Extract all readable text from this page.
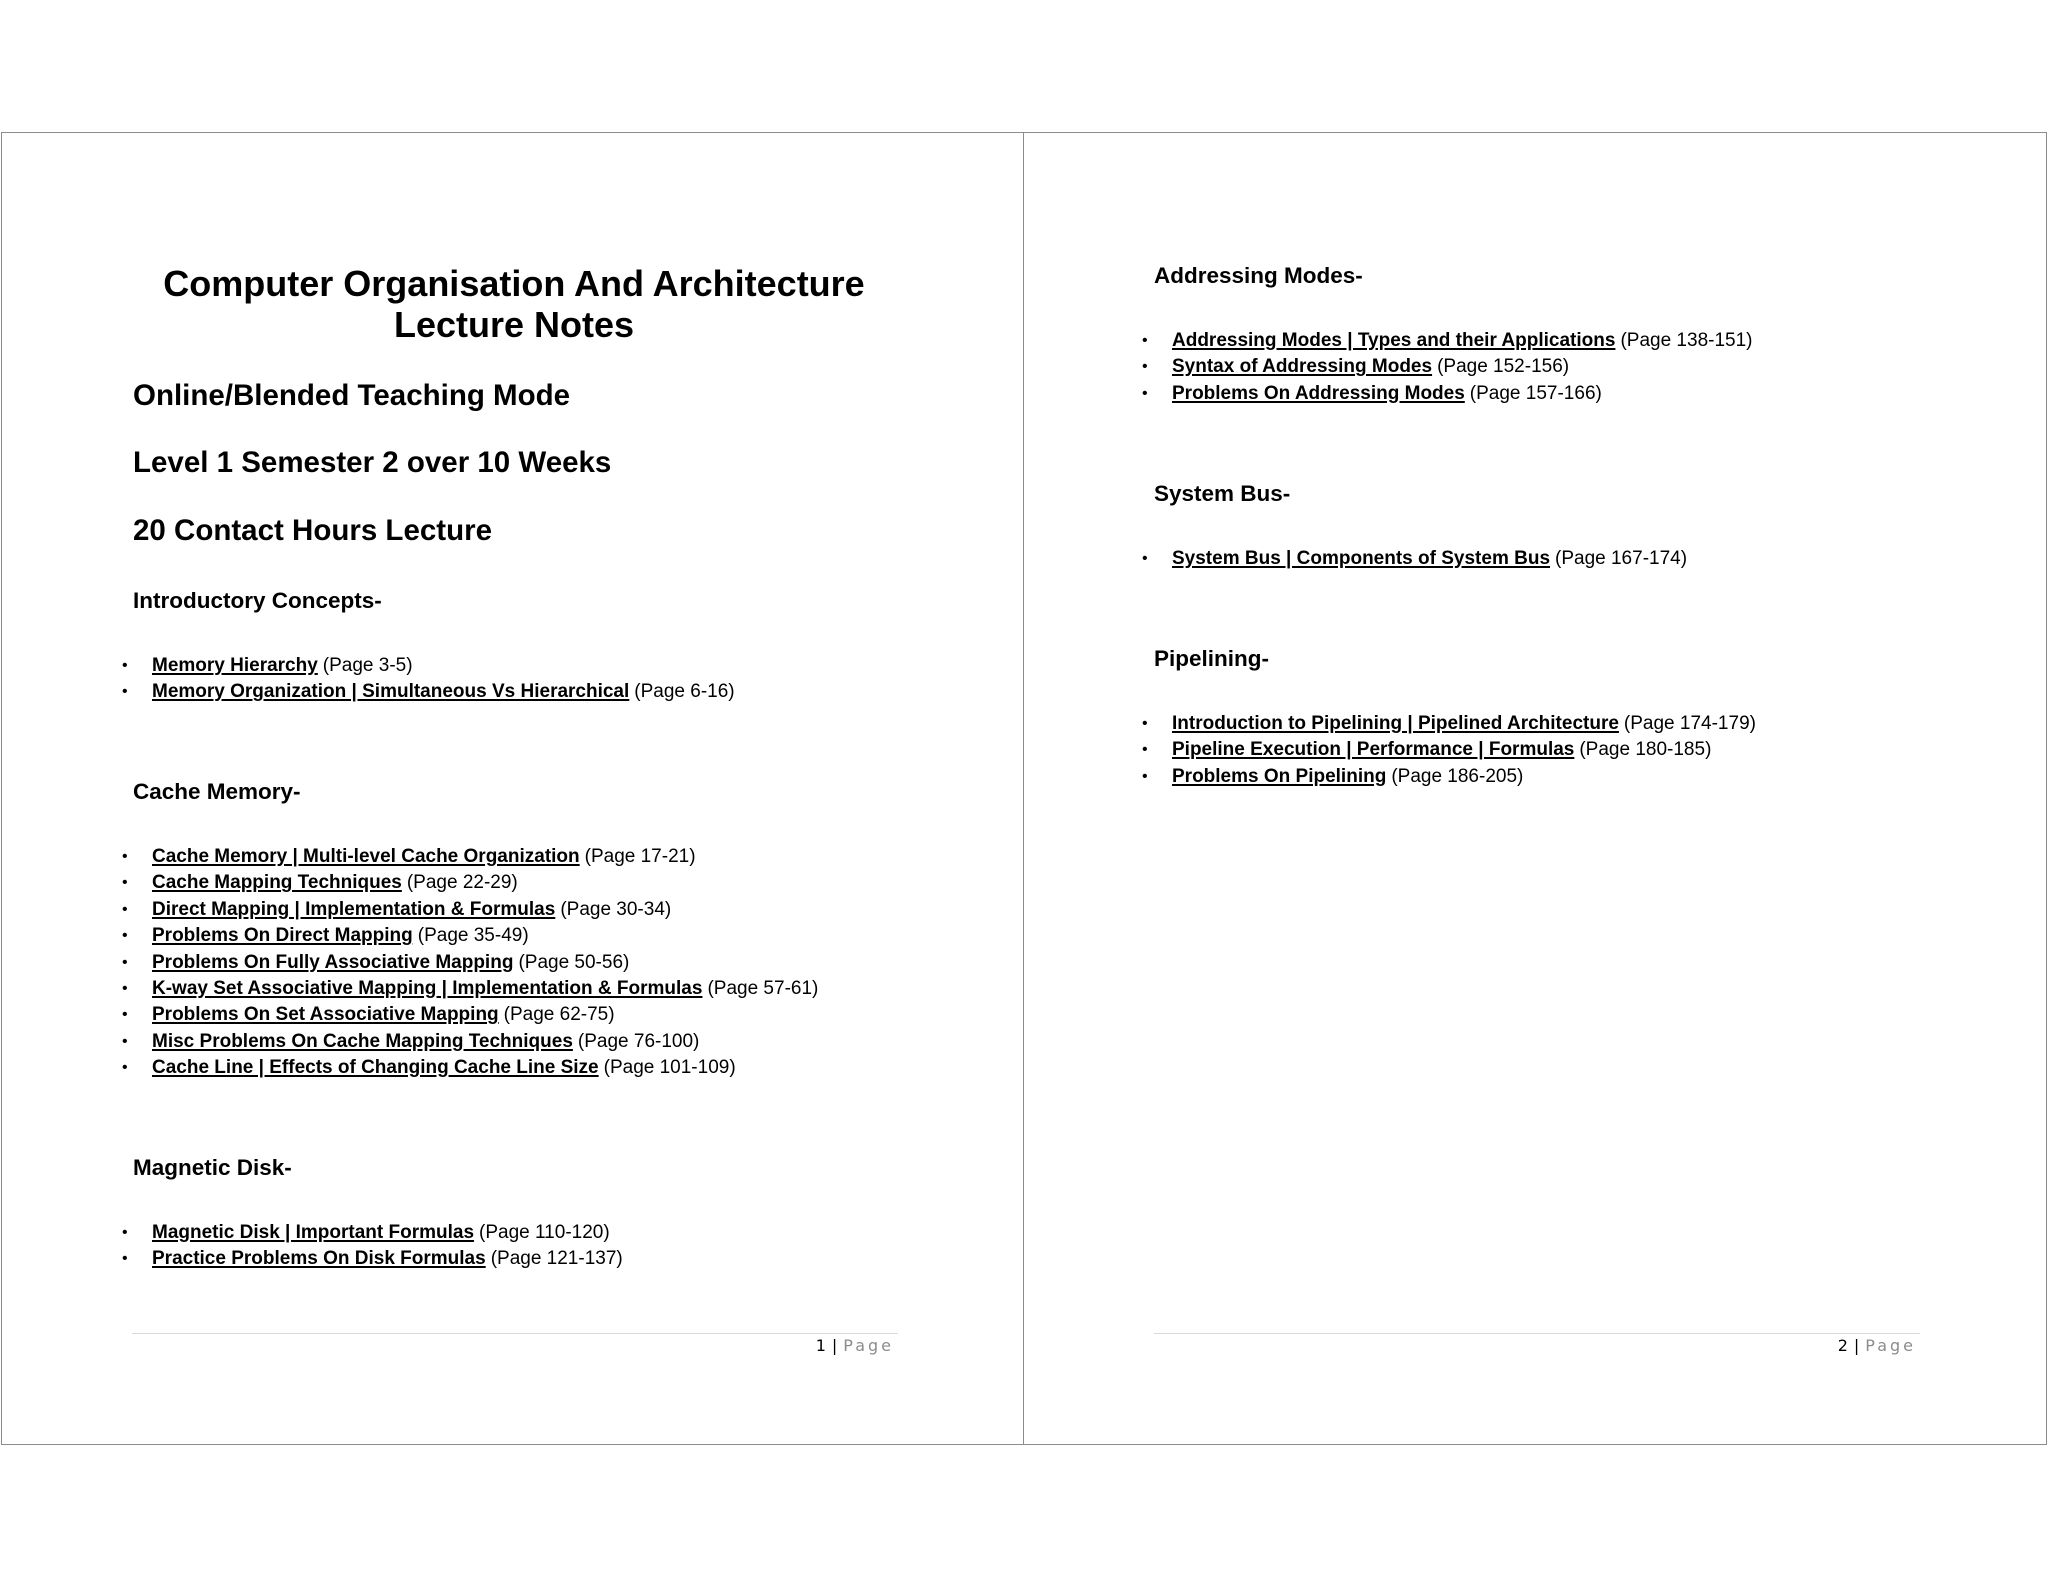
Computer Organisation And Architecture
Lecture Notes
Online/Blended Teaching Mode
Level 1 Semester 2 over 10 Weeks
20 Contact Hours Lecture
Introductory Concepts-
• Memory Hierarchy (Page 3-5)
• Memory Organization | Simultaneous Vs Hierarchical (Page 6-16)
Cache Memory-
• Cache Memory | Multi-level Cache Organization (Page 17-21)
• Cache Mapping Techniques (Page 22-29)
• Direct Mapping | Implementation & Formulas (Page 30-34)
• Problems On Direct Mapping (Page 35-49)
• Problems On Fully Associative Mapping (Page 50-56)
• K-way Set Associative Mapping | Implementation & Formulas (Page 57-61)
• Problems On Set Associative Mapping (Page 62-75)
• Misc Problems On Cache Mapping Techniques (Page 76-100)
• Cache Line | Effects of Changing Cache Line Size (Page 101-109)
Magnetic Disk-
• Magnetic Disk | Important Formulas (Page 110-120)
• Practice Problems On Disk Formulas (Page 121-137)
1 | Page
Addressing Modes-
• Addressing Modes | Types and their Applications (Page 138-151)
• Syntax of Addressing Modes (Page 152-156)
• Problems On Addressing Modes (Page 157-166)
System Bus-
• System Bus | Components of System Bus (Page 167-174)
Pipelining-
• Introduction to Pipelining | Pipelined Architecture (Page 174-179)
• Pipeline Execution | Performance | Formulas (Page 180-185)
• Problems On Pipelining (Page 186-205)
2 | Page
